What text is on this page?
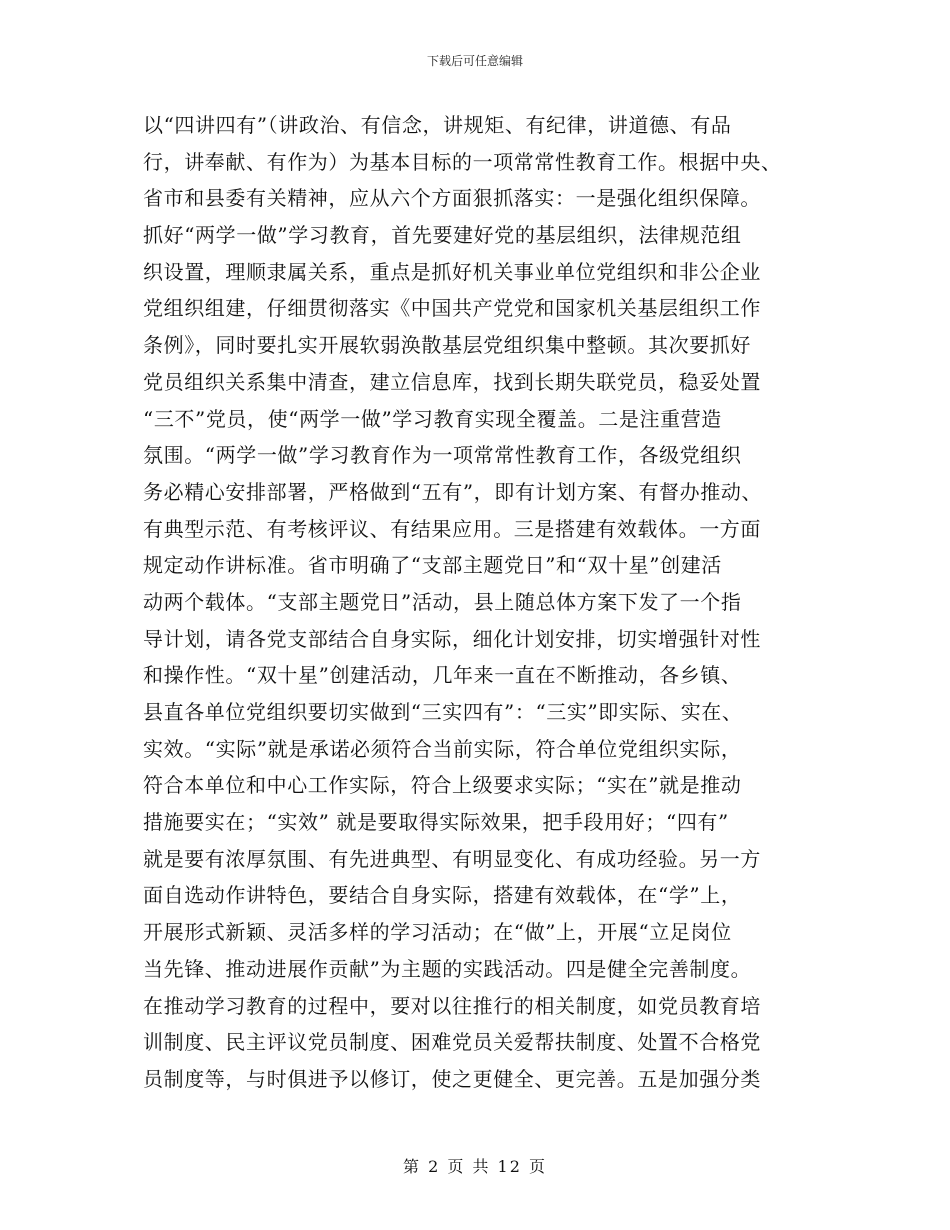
下载后可任意编辑
以“四讲四有”（讲政治、有信念，讲规矩、有纪律，讲道德、有品
行，讲奉献、有作为）为基本目标的一项常常性教育工作。根据中央、
省市和县委有关精神，应从六个方面狠抓落实：一是强化组织保障。
抓好“两学一做”学习教育，首先要建好党的基层组织，法律规范组
织设置，理顺隶属关系，重点是抓好机关事业单位党组织和非公企业
党组织组建，仔细贯彻落实《中国共产党党和国家机关基层组织工作
条例》，同时要扎实开展软弱涣散基层党组织集中整顿。其次要抓好
党员组织关系集中清查，建立信息库，找到长期失联党员，稳妥处置
“三不”党员，使“两学一做”学习教育实现全覆盖。二是注重营造
氛围。“两学一做”学习教育作为一项常常性教育工作，各级党组织
务必精心安排部署，严格做到“五有”，即有计划方案、有督办推动、
有典型示范、有考核评议、有结果应用。三是搭建有效载体。一方面
规定动作讲标准。省市明确了“支部主题党日”和“双十星”创建活
动两个载体。“支部主题党日”活动，县上随总体方案下发了一个指
导计划，请各党支部结合自身实际，细化计划安排，切实增强针对性
和操作性。“双十星”创建活动，几年来一直在不断推动，各乡镇、
县直各单位党组织要切实做到“三实四有”：“三实”即实际、实在、
实效。“实际”就是承诺必须符合当前实际，符合单位党组织实际，
符合本单位和中心工作实际，符合上级要求实际；“实在”就是推动
措施要实在；“实效” 就是要取得实际效果，把手段用好；“四有”
就是要有浓厚氛围、有先进典型、有明显变化、有成功经验。另一方
面自选动作讲特色，要结合自身实际，搭建有效载体，在“学”上，
开展形式新颖、灵活多样的学习活动；在“做”上，开展“立足岗位
当先锋、推动进展作贡献”为主题的实践活动。四是健全完善制度。
在推动学习教育的过程中，要对以往推行的相关制度，如党员教育培
训制度、民主评议党员制度、困难党员关爱帮扶制度、处置不合格党
员制度等，与时俱进予以修订，使之更健全、更完善。五是加强分类
第 2 页 共 12 页
